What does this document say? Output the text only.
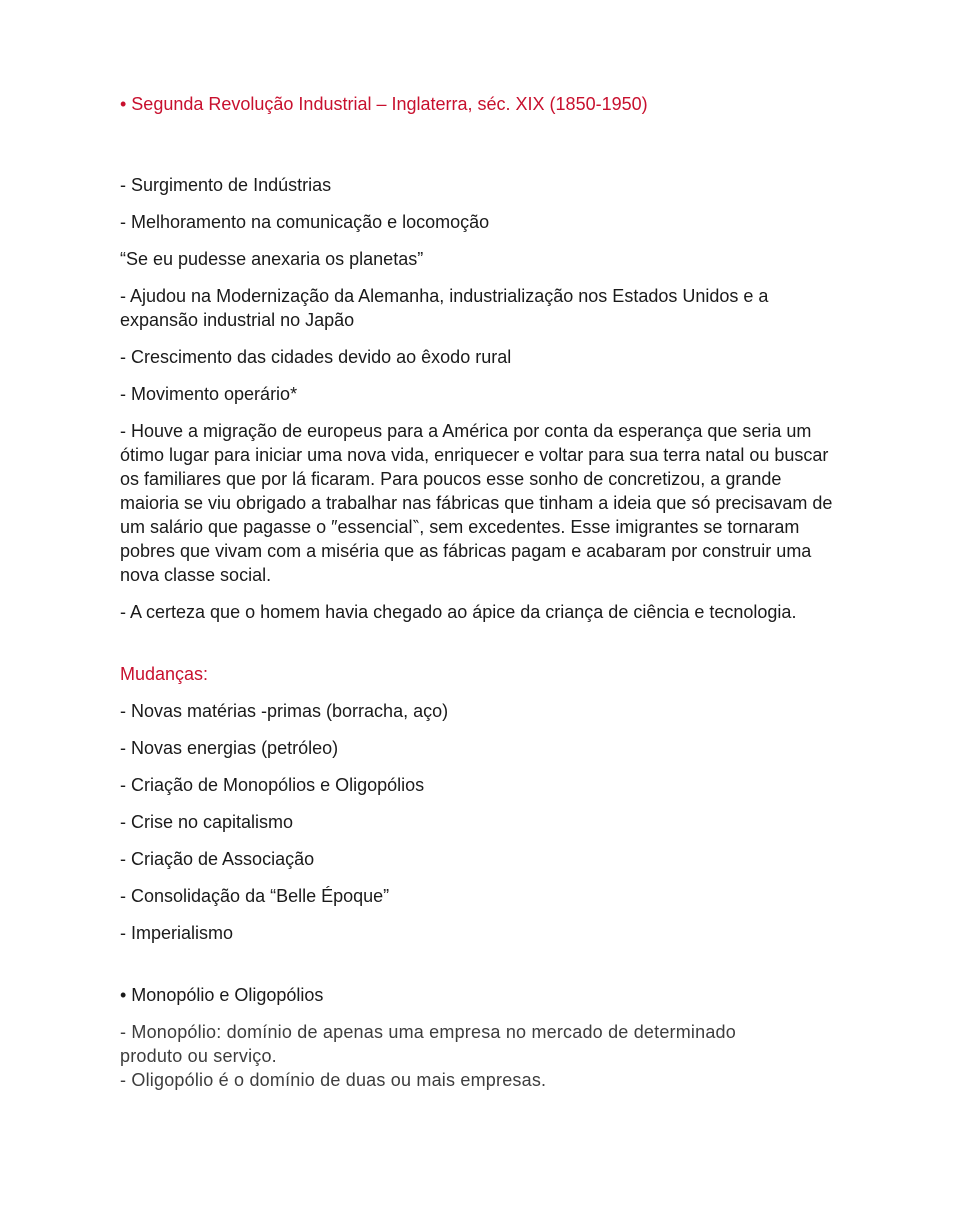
• Segunda Revolução Industrial – Inglaterra, séc. XIX (1850-1950)

- Surgimento de Indústrias

- Melhoramento na comunicação e locomoção

“Se eu pudesse anexaria os planetas”

- Ajudou na Modernização da Alemanha, industrialização nos Estados Unidos e a expansão industrial no Japão

- Crescimento das cidades devido ao êxodo rural

- Movimento operário*

- Houve a migração de europeus para a América por conta da esperança que seria um ótimo lugar para iniciar uma nova vida, enriquecer e voltar para sua terra natal ou buscar os familiares que por lá ficaram. Para poucos esse sonho de concretizou, a grande maioria se viu obrigado a trabalhar nas fábricas que tinham a ideia que só precisavam de um salário que pagasse o ″essencial‶, sem excedentes. Esse imigrantes se tornaram pobres que vivam com a miséria que as fábricas pagam e acabaram por construir uma nova classe social.

- A certeza que o homem havia chegado ao ápice da criança de ciência e tecnologia.

Mudanças:

- Novas matérias -primas (borracha, aço)

- Novas energias (petróleo)

- Criação de Monopólios e Oligopólios

- Crise no capitalismo

- Criação de Associação

- Consolidação da “Belle Époque”

- Imperialismo

• Monopólio e Oligopólios

- Monopólio: domínio de apenas uma empresa no mercado de determinado produto ou serviço.

- Oligopólio é o domínio de duas ou mais empresas.
